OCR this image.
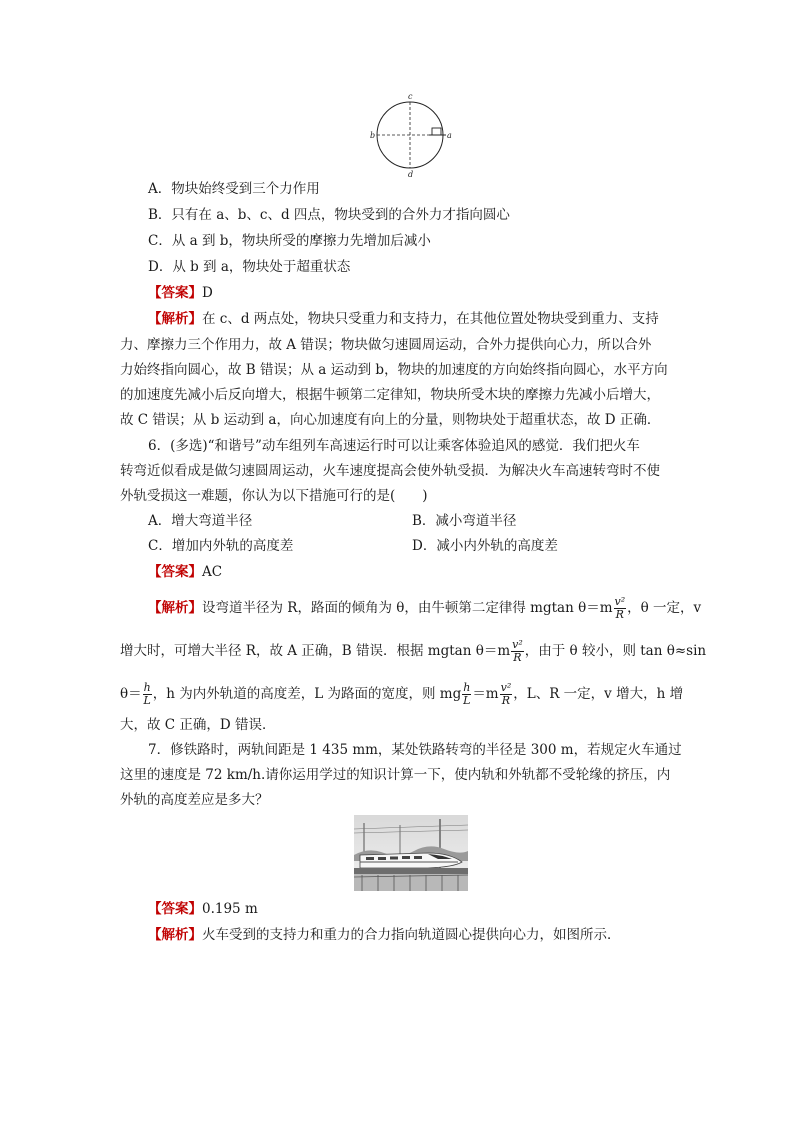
c
d
b	a
A．物块始终受到三个力作用
B．只有在 a、b、c、d 四点，物块受到的合外力才指向圆心
C．从 a 到 b，物块所受的摩擦力先增加后减小
D．从 b 到 a，物块处于超重状态
【答案】D
【解析】在 c、d 两点处，物块只受重力和支持力，在其他位置处物块受到重力、支持
力、摩擦力三个作用力，故 A 错误；物块做匀速圆周运动，合外力提供向心力，所以合外
力始终指向圆心，故 B 错误；从 a 运动到 b，物块的加速度的方向始终指向圆心，水平方向
的加速度先减小后反向增大，根据牛顿第二定律知，物块所受木块的摩擦力先减小后增大，
故 C 错误；从 b 运动到 a，向心加速度有向上的分量，则物块处于超重状态，故 D 正确．
6．(多选)“和谐号”动车组列车高速运行时可以让乘客体验追风的感觉．我们把火车
转弯近似看成是做匀速圆周运动，火车速度提高会使外轨受损．为解决火车高速转弯时不使
外轨受损这一难题，你认为以下措施可行的是(　　)
A．增大弯道半径	B．减小弯道半径
C．增加内外轨的高度差	D．减小内外轨的高度差
【答案】AC
【解析】设弯道半径为 R，路面的倾角为 θ，由牛顿第二定律得 mgtan $\theta=m \frac{\text{v²}}{R}$ ，θ 一定，v
增大时，可增大半径 R，故 A 正确，B 错误．根据 mgtan $\theta=m \frac{\text{v²}}{R}$ ，由于 θ 较小，则 tan θ≈sin
$\theta= \frac{h}{L}$ ，h 为内外轨道的高度差，L 为路面的宽度，则 mg $\frac{h}{L} =m \frac{\text{v²}}{R}$ ，L、R 一定，v 增大，h 增
大，故 C 正确，D 错误．
7．修铁路时，两轨间距是 1 435 mm，某处铁路转弯的半径是 300 m，若规定火车通过
这里的速度是 72 km/h.请你运用学过的知识计算一下，使内轨和外轨都不受轮缘的挤压，内
外轨的高度差应是多大？
【答案】0.195 m
【解析】火车受到的支持力和重力的合力指向轨道圆心提供向心力，如图所示．
